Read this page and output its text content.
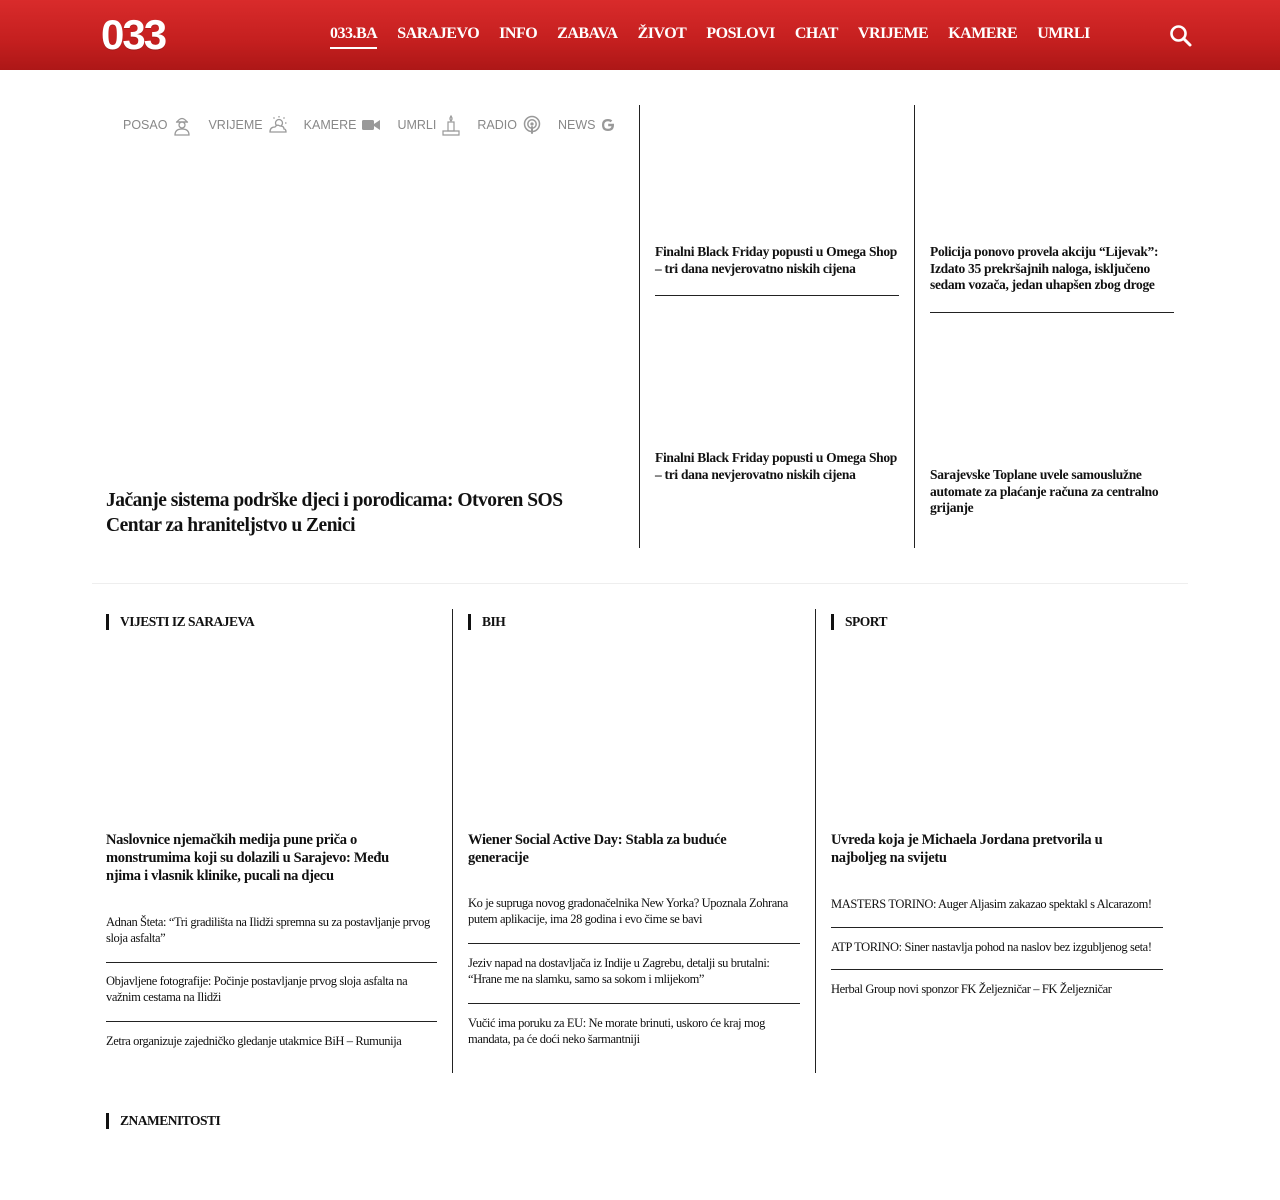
033	033.BA SARAJEVO INFO ZABAVA ŽIVOT POSLOVI CHAT VRIJEME KAMERE UMRLI
POSAO	VRIJEME	KAMERE	UMRLI	RADIO	NEWS
Jačanje sistema podrške djeci i porodicama: Otvoren SOS Centar za hraniteljstvo u Zenici
Finalni Black Friday popusti u Omega Shop – tri dana nevjerovatno niskih cijena
Finalni Black Friday popusti u Omega Shop – tri dana nevjerovatno niskih cijena
Policija ponovo provela akciju “Lijevak”: Izdato 35 prekršajnih naloga, isključeno sedam vozača, jedan uhapšen zbog droge
Sarajevske Toplane uvele samouslužne automate za plaćanje računa za centralno grijanje
VIJESTI IZ SARAJEVA
Naslovnice njemačkih medija pune priča o monstrumima koji su dolazili u Sarajevo: Među njima i vlasnik klinike, pucali na djecu
Adnan Šteta: “Tri gradilišta na Ilidži spremna su za postavljanje prvog sloja asfalta”
Objavljene fotografije: Počinje postavljanje prvog sloja asfalta na važnim cestama na Ilidži
Zetra organizuje zajedničko gledanje utakmice BiH – Rumunija
BIH
Wiener Social Active Day: Stabla za buduće generacije
Ko je supruga novog gradonačelnika New Yorka? Upoznala Zohrana putem aplikacije, ima 28 godina i evo čime se bavi
Jeziv napad na dostavljača iz Indije u Zagrebu, detalji su brutalni: “Hrane me na slamku, samo sa sokom i mlijekom”
Vučić ima poruku za EU: Ne morate brinuti, uskoro će kraj mog mandata, pa će doći neko šarmantniji
SPORT
Uvreda koja je Michaela Jordana pretvorila u najboljeg na svijetu
MASTERS TORINO: Auger Aljasim zakazao spektakl s Alcarazom!
ATP TORINO: Siner nastavlja pohod na naslov bez izgubljenog seta!
Herbal Group novi sponzor FK Željezničar – FK Željezničar
ZNAMENITOSTI
